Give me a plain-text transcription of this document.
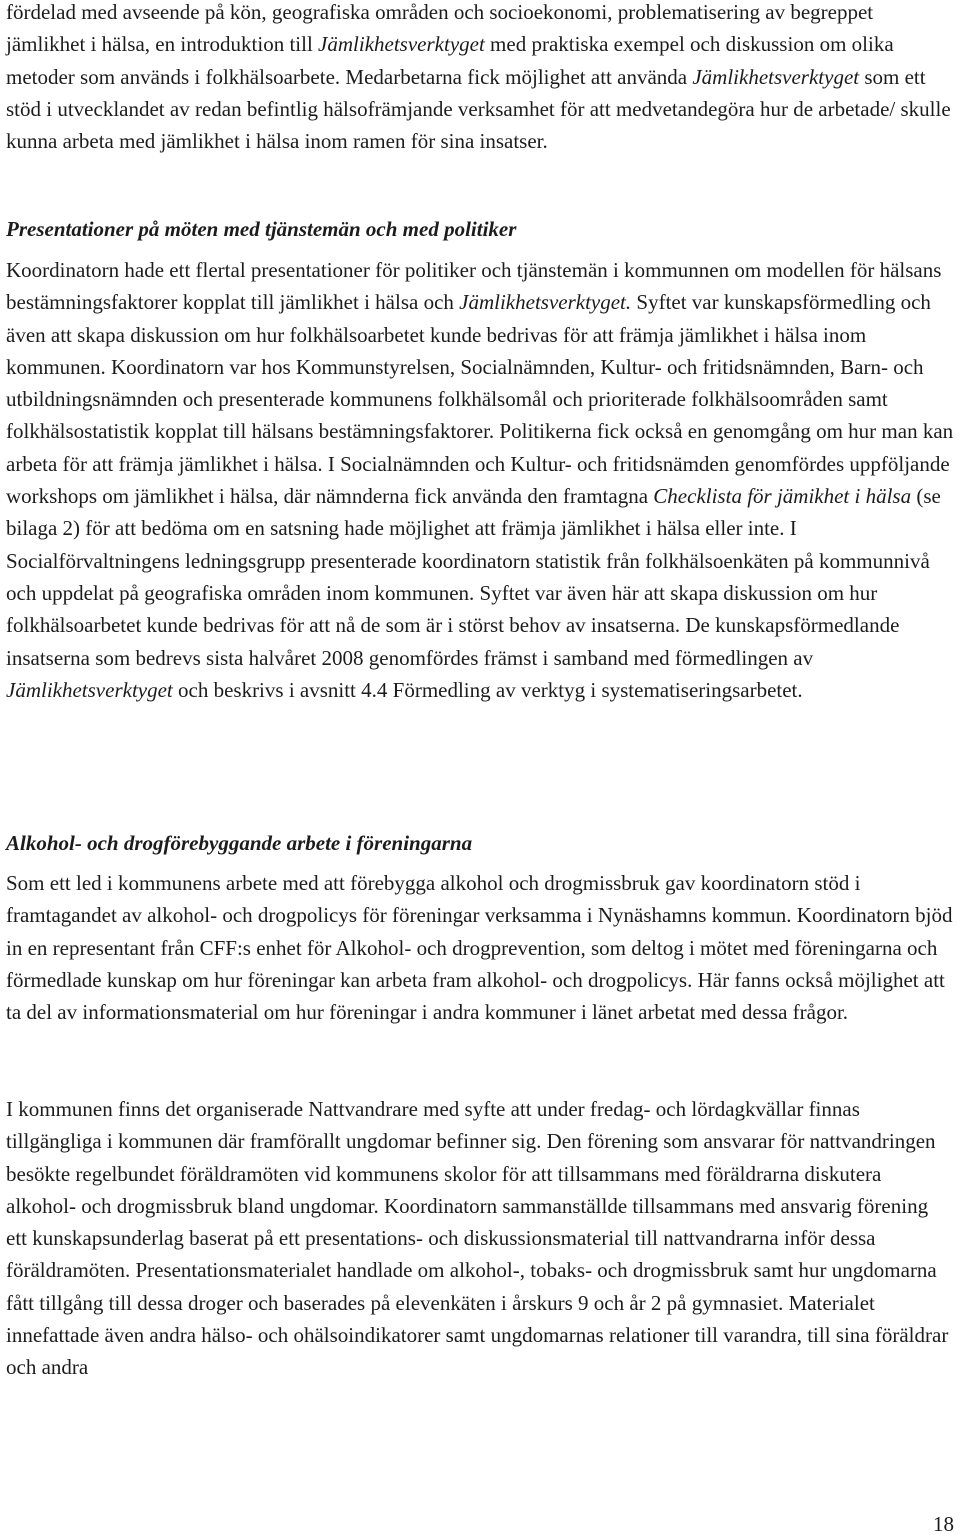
fördelad med avseende på kön, geografiska områden och socioekonomi, problematisering av begreppet jämlikhet i hälsa, en introduktion till Jämlikhetsverktyget med praktiska exempel och diskussion om olika metoder som används i folkhälsoarbete. Medarbetarna fick möjlighet att använda Jämlikhetsverktyget som ett stöd i utvecklandet av redan befintlig hälsofrämjande verksamhet för att medvetandegöra hur de arbetade/ skulle kunna arbeta med jämlikhet i hälsa inom ramen för sina insatser.

Presentationer på möten med tjänstemän och med politiker

Koordinatorn hade ett flertal presentationer för politiker och tjänstemän i kommunnen om modellen för hälsans bestämningsfaktorer kopplat till jämlikhet i hälsa och Jämlikhetsverktyget. Syftet var kunskapsförmedling och även att skapa diskussion om hur folkhälsoarbetet kunde bedrivas för att främja jämlikhet i hälsa inom kommunen. Koordinatorn var hos Kommunstyrelsen, Socialnämnden, Kultur- och fritidsnämnden, Barn- och utbildningsnämnden och presenterade kommunens folkhälsomål och prioriterade folkhälsoområden samt folkhälsostatistik kopplat till hälsans bestämningsfaktorer. Politikerna fick också en genomgång om hur man kan arbeta för att främja jämlikhet i hälsa. I Socialnämnden och Kultur- och fritidsnämden genomfördes uppföljande workshops om jämlikhet i hälsa, där nämnderna fick använda den framtagna Checklista för jämikhet i hälsa (se bilaga 2) för att bedöma om en satsning hade möjlighet att främja jämlikhet i hälsa eller inte. I Socialförvaltningens ledningsgrupp presenterade koordinatorn statistik från folkhälsoenkäten på kommunnivå och uppdelat på geografiska områden inom kommunen. Syftet var även här att skapa diskussion om hur folkhälsoarbetet kunde bedrivas för att nå de som är i störst behov av insatserna. De kunskapsförmedlande insatserna som bedrevs sista halvåret 2008 genomfördes främst i samband med förmedlingen av Jämlikhetsverktyget och beskrivs i avsnitt 4.4 Förmedling av verktyg i systematiseringsarbetet.

Alkohol- och drogförebyggande arbete i föreningarna

Som ett led i kommunens arbete med att förebygga alkohol och drogmissbruk gav koordinatorn stöd i framtagandet av alkohol- och drogpolicys för föreningar verksamma i Nynäshamns kommun. Koordinatorn bjöd in en representant från CFF:s enhet för Alkohol- och drogprevention, som deltog i mötet med föreningarna och förmedlade kunskap om hur föreningar kan arbeta fram alkohol- och drogpolicys. Här fanns också möjlighet att ta del av informationsmaterial om hur föreningar i andra kommuner i länet arbetat med dessa frågor.

I kommunen finns det organiserade Nattvandrare med syfte att under fredag- och lördagkvällar finnas tillgängliga i kommunen där framförallt ungdomar befinner sig. Den förening som ansvarar för nattvandringen besökte regelbundet föräldramöten vid kommunens skolor för att tillsammans med föräldrarna diskutera alkohol- och drogmissbruk bland ungdomar. Koordinatorn sammanställde tillsammans med ansvarig förening ett kunskapsunderlag baserat på ett presentations- och diskussionsmaterial till nattvandrarna inför dessa föräldramöten. Presentationsmaterialet handlade om alkohol-, tobaks- och drogmissbruk samt hur ungdomarna fått tillgång till dessa droger och baserades på elevenkäten i årskurs 9 och år 2 på gymnasiet. Materialet innefattade även andra hälso- och ohälsoindikatorer samt ungdomarnas relationer till varandra, till sina föräldrar och andra

18
